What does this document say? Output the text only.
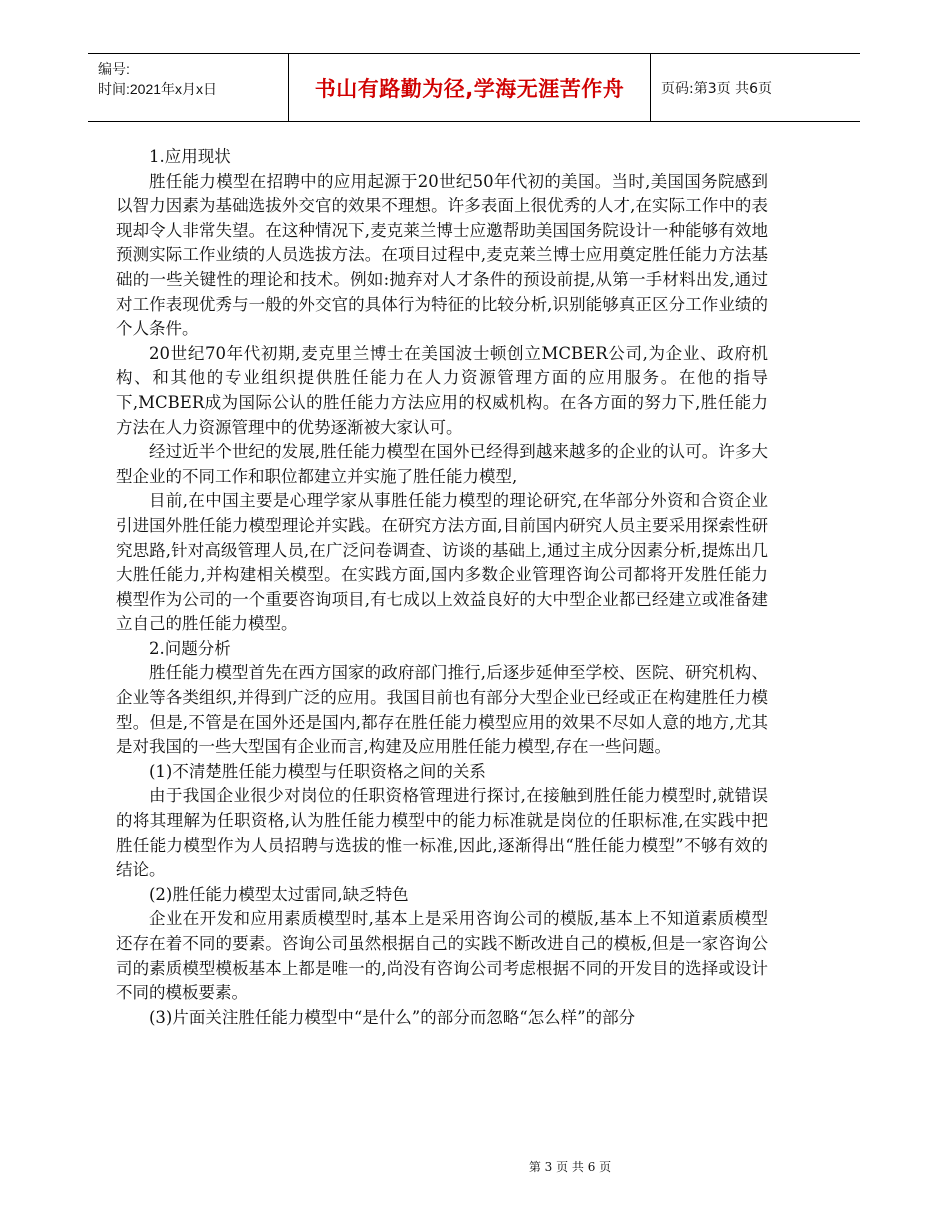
编号:
时间:2021年x月x日	书山有路勤为径,学海无涯苦作舟	页码:第3页 共6页

1.应用现状

胜任能力模型在招聘中的应用起源于20世纪50年代初的美国。当时,美国国务院感到以智力因素为基础选拔外交官的效果不理想。许多表面上很优秀的人才,在实际工作中的表现却令人非常失望。在这种情况下,麦克莱兰博士应邀帮助美国国务院设计一种能够有效地预测实际工作业绩的人员选拔方法。在项目过程中,麦克莱兰博士应用奠定胜任能力方法基础的一些关键性的理论和技术。例如:抛弃对人才条件的预设前提,从第一手材料出发,通过对工作表现优秀与一般的外交官的具体行为特征的比较分析,识别能够真正区分工作业绩的个人条件。

20世纪70年代初期,麦克里兰博士在美国波士顿创立MCBER公司,为企业、政府机构、和其他的专业组织提供胜任能力在人力资源管理方面的应用服务。在他的指导下,MCBER成为国际公认的胜任能力方法应用的权威机构。在各方面的努力下,胜任能力方法在人力资源管理中的优势逐渐被大家认可。

经过近半个世纪的发展,胜任能力模型在国外已经得到越来越多的企业的认可。许多大型企业的不同工作和职位都建立并实施了胜任能力模型,

目前,在中国主要是心理学家从事胜任能力模型的理论研究,在华部分外资和合资企业引进国外胜任能力模型理论并实践。在研究方法方面,目前国内研究人员主要采用探索性研究思路,针对高级管理人员,在广泛问卷调查、访谈的基础上,通过主成分因素分析,提炼出几大胜任能力,并构建相关模型。在实践方面,国内多数企业管理咨询公司都将开发胜任能力模型作为公司的一个重要咨询项目,有七成以上效益良好的大中型企业都已经建立或准备建立自己的胜任能力模型。

2.问题分析

胜任能力模型首先在西方国家的政府部门推行,后逐步延伸至学校、医院、研究机构、企业等各类组织,并得到广泛的应用。我国目前也有部分大型企业已经或正在构建胜任力模型。但是,不管是在国外还是国内,都存在胜任能力模型应用的效果不尽如人意的地方,尤其是对我国的一些大型国有企业而言,构建及应用胜任能力模型,存在一些问题。

(1)不清楚胜任能力模型与任职资格之间的关系

由于我国企业很少对岗位的任职资格管理进行探讨,在接触到胜任能力模型时,就错误的将其理解为任职资格,认为胜任能力模型中的能力标准就是岗位的任职标准,在实践中把胜任能力模型作为人员招聘与选拔的惟一标准,因此,逐渐得出“胜任能力模型”不够有效的结论。

(2)胜任能力模型太过雷同,缺乏特色

企业在开发和应用素质模型时,基本上是采用咨询公司的模版,基本上不知道素质模型还存在着不同的要素。咨询公司虽然根据自己的实践不断改进自己的模板,但是一家咨询公司的素质模型模板基本上都是唯一的,尚没有咨询公司考虑根据不同的开发目的选择或设计不同的模板要素。

(3)片面关注胜任能力模型中“是什么”的部分而忽略“怎么样”的部分

第 3 页 共 6 页
